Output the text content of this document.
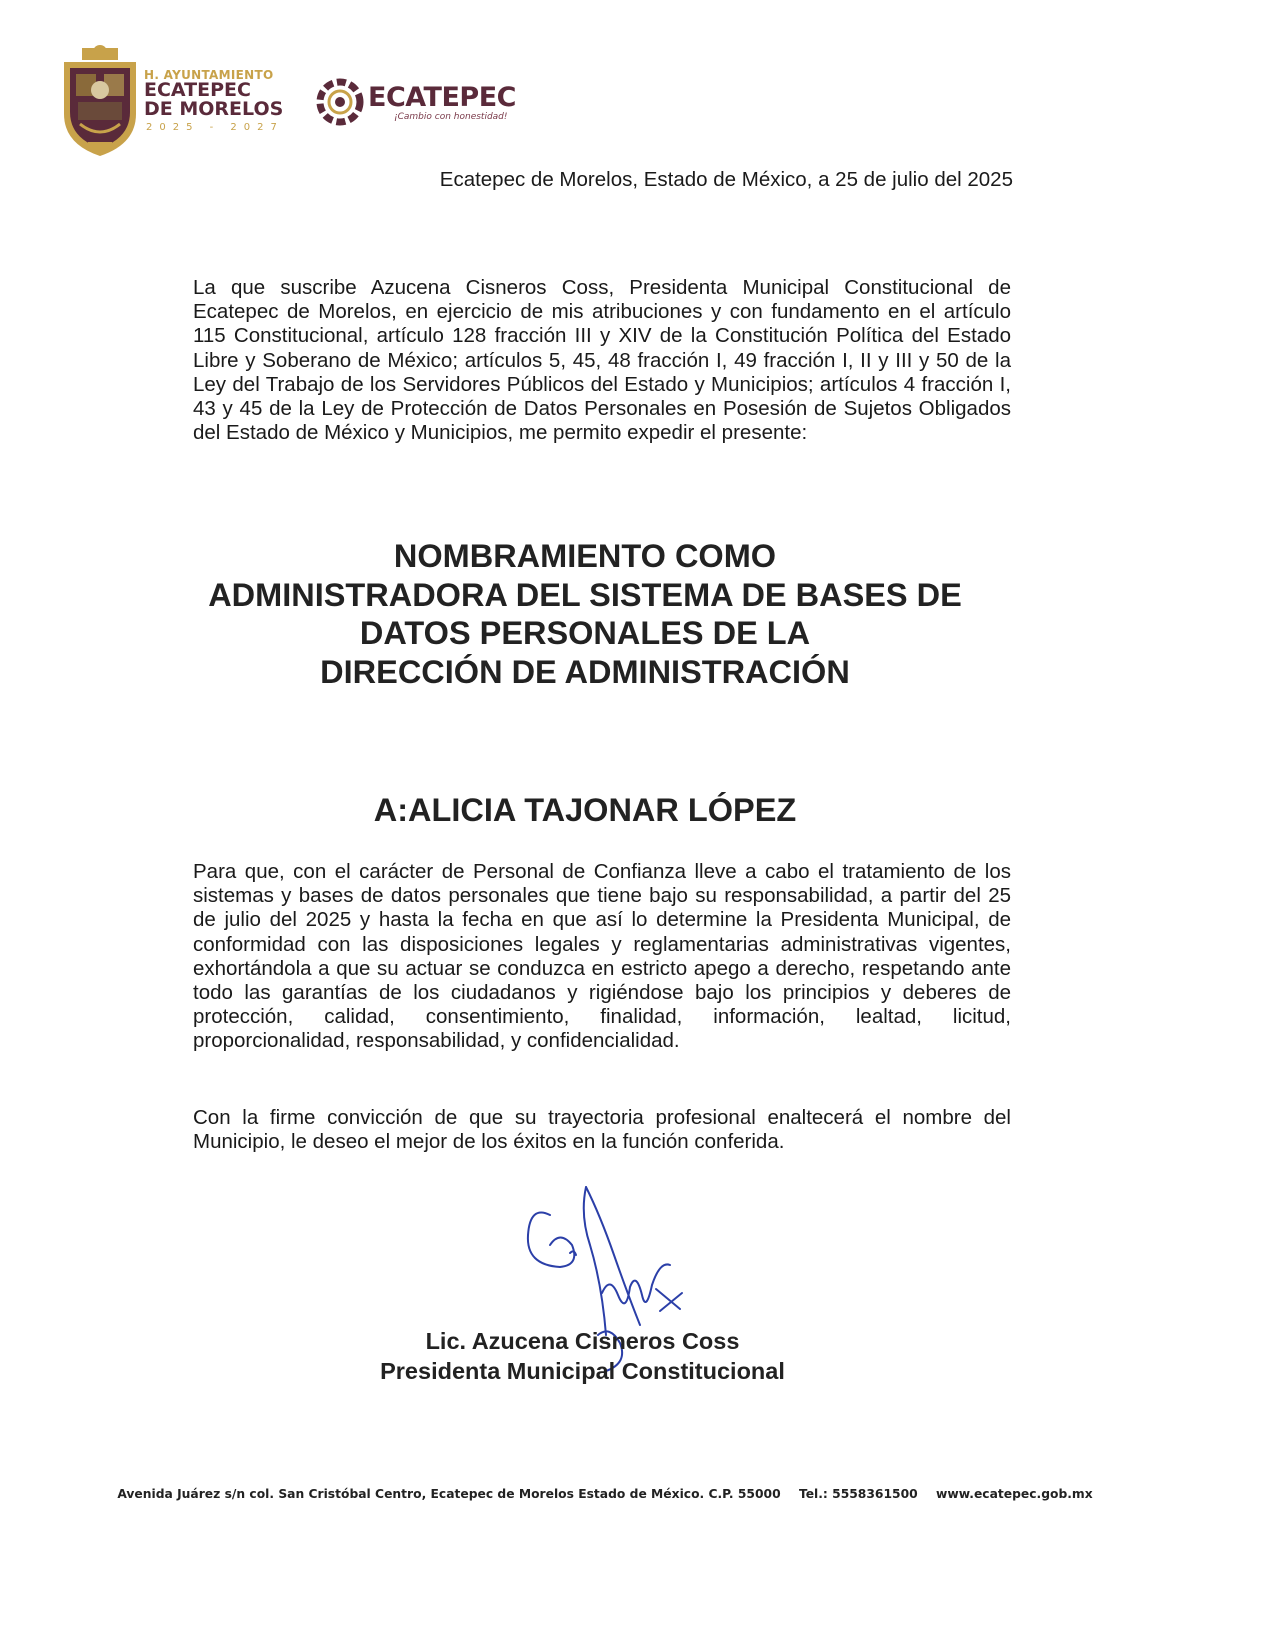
H. AYUNTAMIENTO
ECATEPEC
DE MORELOS
2025 - 2027
ECATEPEC
¡Cambio con honestidad!
Ecatepec de Morelos, Estado de México, a 25 de julio del 2025

La que suscribe Azucena Cisneros Coss, Presidenta Municipal Constitucional de Ecatepec de Morelos, en ejercicio de mis atribuciones y con fundamento en el artículo 115 Constitucional, artículo 128 fracción III y XIV de la Constitución Política del Estado Libre y Soberano de México; artículos 5, 45, 48 fracción I, 49 fracción I, II y III y 50 de la Ley del Trabajo de los Servidores Públicos del Estado y Municipios; artículos 4 fracción I, 43 y 45 de la Ley de Protección de Datos Personales en Posesión de Sujetos Obligados del Estado de México y Municipios, me permito expedir el presente:

NOMBRAMIENTO COMO
ADMINISTRADORA DEL SISTEMA DE BASES DE
DATOS PERSONALES DE LA
DIRECCIÓN DE ADMINISTRACIÓN
A:ALICIA TAJONAR LÓPEZ

Para que, con el carácter de Personal de Confianza lleve a cabo el tratamiento de los sistemas y bases de datos personales que tiene bajo su responsabilidad, a partir del 25 de julio del 2025 y hasta la fecha en que así lo determine la Presidenta Municipal, de conformidad con las disposiciones legales y reglamentarias administrativas vigentes, exhortándola a que su actuar se conduzca en estricto apego a derecho, respetando ante todo las garantías de los ciudadanos y rigiéndose bajo los principios y deberes de protección, calidad, consentimiento, finalidad, información, lealtad, licitud, proporcionalidad, responsabilidad, y confidencialidad.

Con la firme convicción de que su trayectoria profesional enaltecerá el nombre del Municipio, le deseo el mejor de los éxitos en la función conferida.

Lic. Azucena Cisneros Coss
Presidenta Municipal Constitucional
Avenida Juárez s/n col. San Cristóbal Centro, Ecatepec de Morelos Estado de México. C.P. 55000 Tel.: 5558361500 www.ecatepec.gob.mx
